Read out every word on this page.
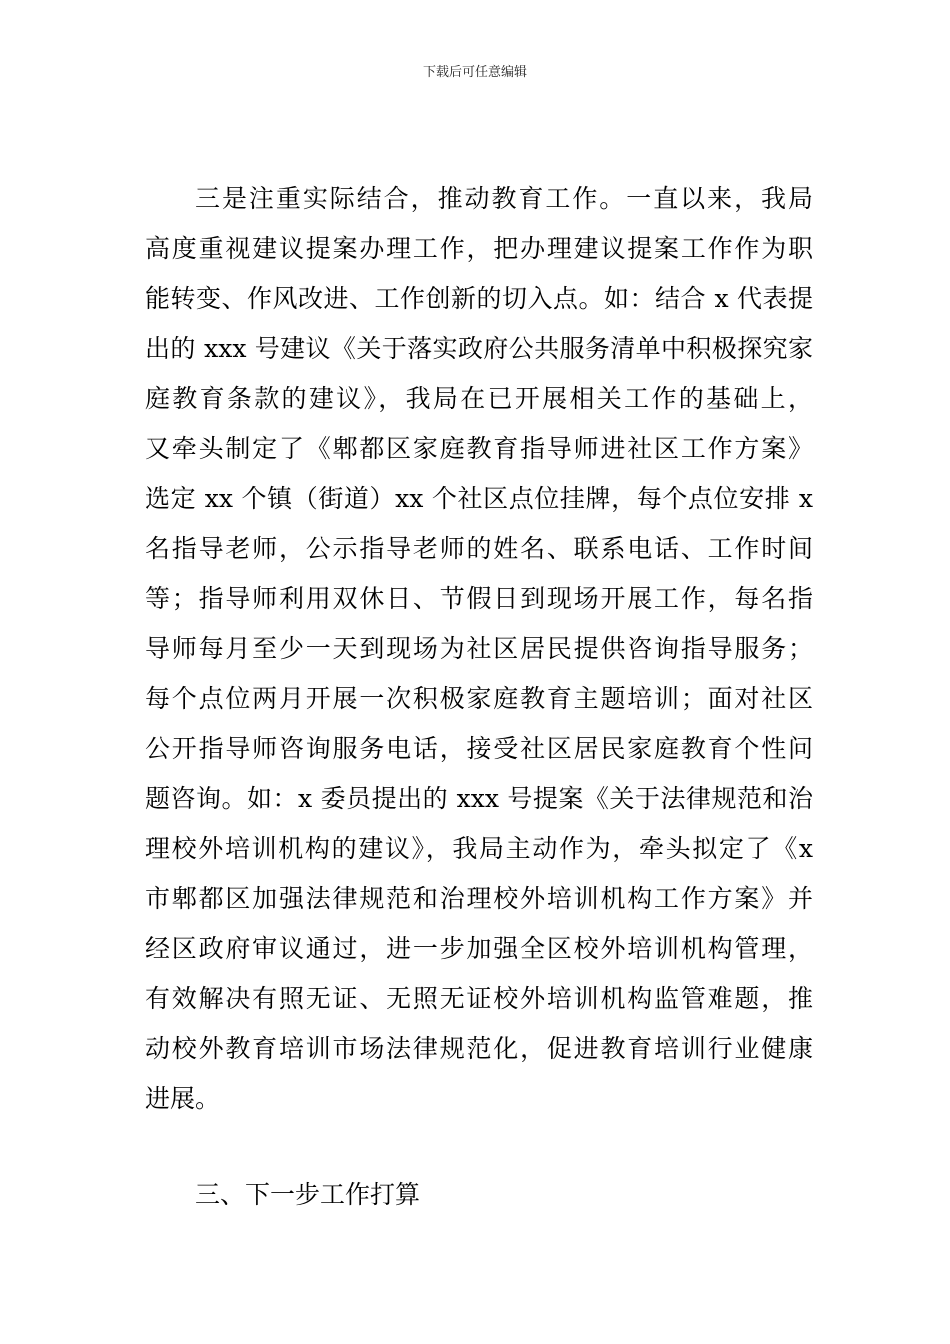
下载后可任意编辑
三是注重实际结合，推动教育工作。一直以来，我局
高度重视建议提案办理工作，把办理建议提案工作作为职
能转变、作风改进、工作创新的切入点。如：结合 x 代表提
出的 xxx 号建议《关于落实政府公共服务清单中积极探究家
庭教育条款的建议》，我局在已开展相关工作的基础上，
又牵头制定了《郫都区家庭教育指导师进社区工作方案》
选定 xx 个镇（街道）xx 个社区点位挂牌，每个点位安排 x
名指导老师，公示指导老师的姓名、联系电话、工作时间
等；指导师利用双休日、节假日到现场开展工作，每名指
导师每月至少一天到现场为社区居民提供咨询指导服务；
每个点位两月开展一次积极家庭教育主题培训；面对社区
公开指导师咨询服务电话，接受社区居民家庭教育个性问
题咨询。如：x 委员提出的 xxx 号提案《关于法律规范和治
理校外培训机构的建议》，我局主动作为，牵头拟定了《x
市郫都区加强法律规范和治理校外培训机构工作方案》并
经区政府审议通过，进一步加强全区校外培训机构管理，
有效解决有照无证、无照无证校外培训机构监管难题，推
动校外教育培训市场法律规范化，促进教育培训行业健康
进展。
三、下一步工作打算
